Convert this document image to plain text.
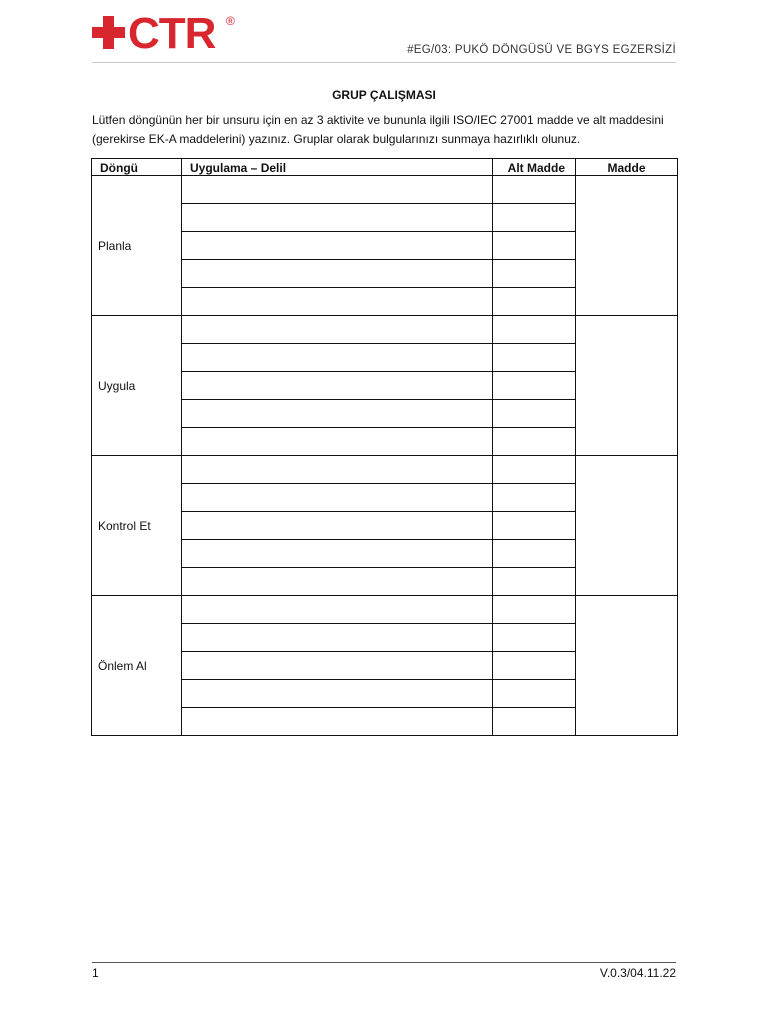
CTR ®
#EG/03: PUKÖ DÖNGÜSÜ VE BGYS EGZERSİZİ
GRUP ÇALIŞMASI
Lütfen döngünün her bir unsuru için en az 3 aktivite ve bununla ilgili ISO/IEC 27001 madde ve alt maddesini (gerekirse EK-A maddelerini) yazınız. Gruplar olarak bulgularınızı sunmaya hazırlıklı olunuz.
Döngü	Uygulama – Delil	Alt Madde	Madde
Planla			

Uygula			

Kontrol Et			

Önlem Al			

1	V.0.3/04.11.22
